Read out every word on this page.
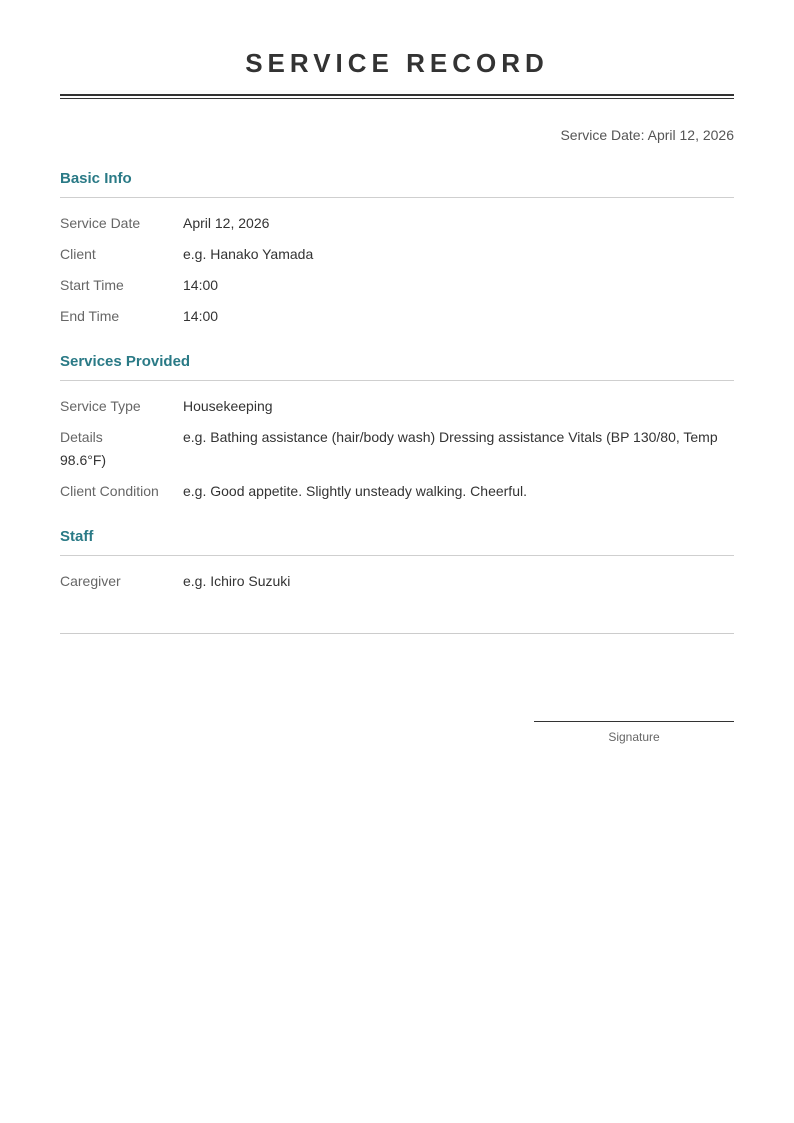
SERVICE RECORD
Service Date: April 12, 2026
Basic Info
Service Date	April 12, 2026
Client	e.g. Hanako Yamada
Start Time	14:00
End Time	14:00
Services Provided
Service Type	Housekeeping
Details	e.g. Bathing assistance (hair/body wash) Dressing assistance Vitals (BP 130/80, Temp 98.6°F)
Client Condition e.g. Good appetite. Slightly unsteady walking. Cheerful.
Staff
Caregiver	e.g. Ichiro Suzuki
Signature
